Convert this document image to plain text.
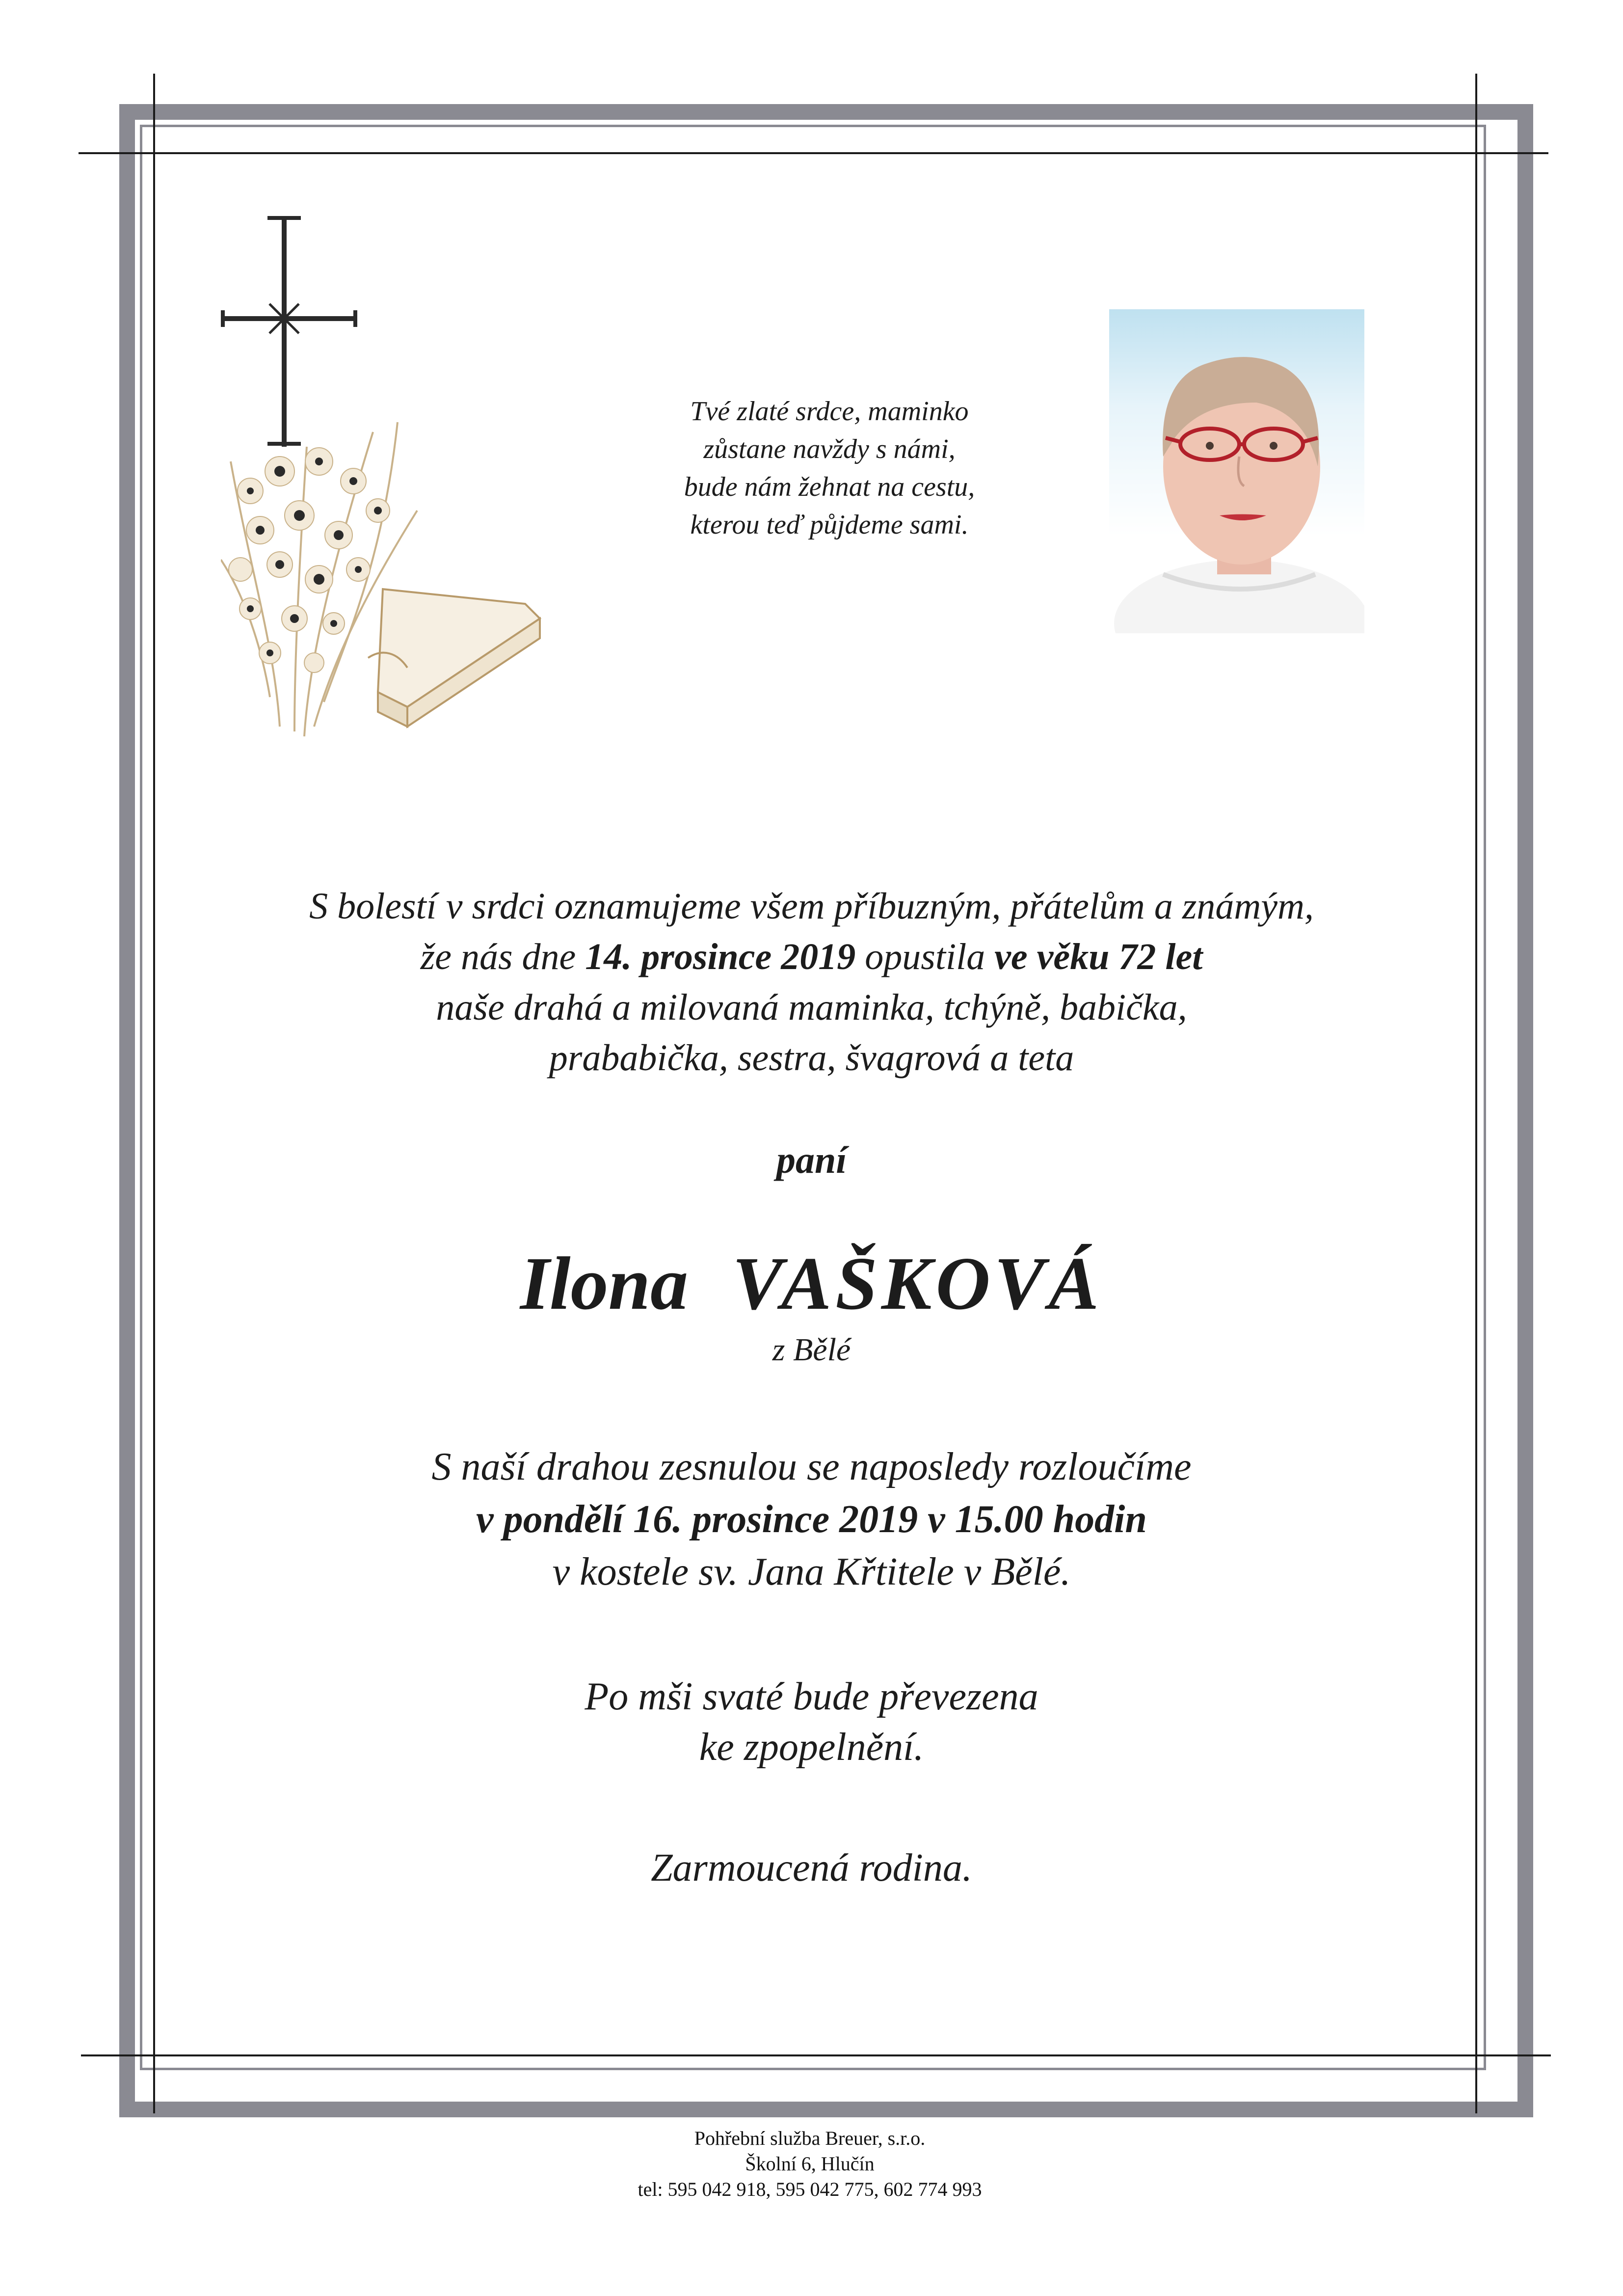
Tvé zlaté srdce, maminko
zůstane navždy s námi,
bude nám žehnat na cestu,
kterou teď půjdeme sami.
S bolestí v srdci oznamujeme všem příbuzným, přátelům a známým,
že nás dne 14. prosince 2019 opustila ve věku 72 let
naše drahá a milovaná maminka, tchýně, babička,
prababička, sestra, švagrová a teta
paní
Ilona VAŠKOVÁ
z Bělé
S naší drahou zesnulou se naposledy rozloučíme
v pondělí 16. prosince 2019 v 15.00 hodin
v kostele sv. Jana Křtitele v Bělé.
Po mši svaté bude převezena
ke zpopelnění.
Zarmoucená rodina.
Pohřební služba Breuer, s.r.o.
Školní 6, Hlučín
tel: 595 042 918, 595 042 775, 602 774 993
